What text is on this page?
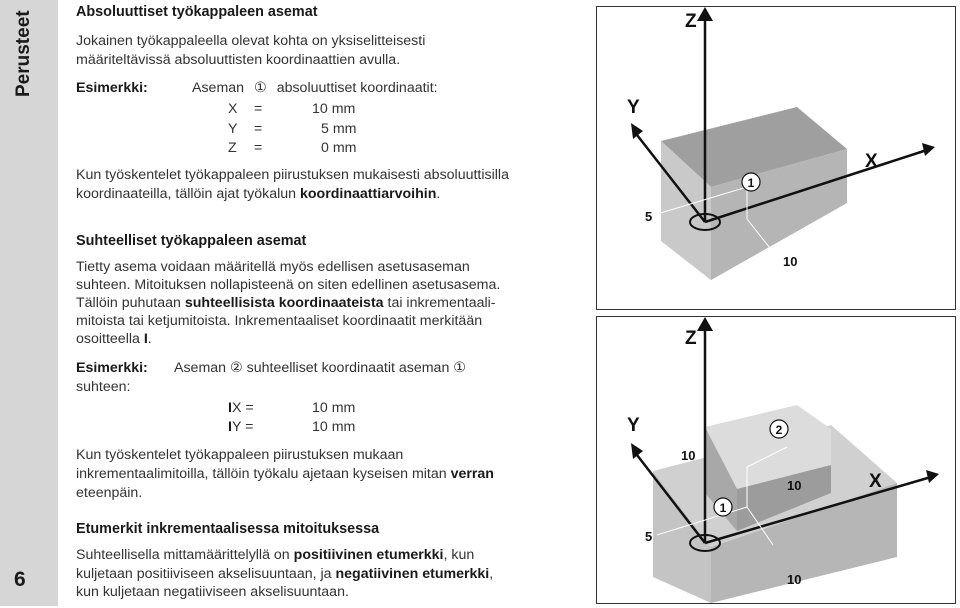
Perusteet
6
Absoluuttiset työkappaleen asemat
Jokainen työkappaleella olevat kohta on yksiselitteisesti
määriteltävissä absoluuttisten koordinaattien avulla.
Esimerkki:	Aseman ① absoluuttiset koordinaatit:
X =	10 mm
Y =	5 mm
Z =	0 mm
Kun työskentelet työkappaleen piirustuksen mukaisesti absoluuttisilla
koordinaateilla, tällöin ajat työkalun koordinaattiarvoihin.
Suhteelliset työkappaleen asemat
Tietty asema voidaan määritellä myös edellisen asetusaseman
suhteen. Mitoituksen nollapisteenä on siten edellinen asetusasema.
Tällöin puhutaan suhteellisista koordinaateista tai inkrementaali-
mitoista tai ketjumitoista. Inkrementaaliset koordinaatit merkitään
osoitteella I.
Esimerkki: Aseman ② suhteelliset koordinaatit aseman ①
suhteen:
IX =	10 mm
IY =	10 mm
Kun työskentelet työkappaleen piirustuksen mukaan
inkrementaalimitoilla, tällöin työkalu ajetaan kyseisen mitan verran
eteenpäin.
Etumerkit inkrementaalisessa mitoituksessa
Suhteellisella mittamäärittelyllä on positiivinen etumerkki, kun
kuljetaan positiiviseen akselisuuntaan, ja negatiivinen etumerkki,
kun kuljetaan negatiiviseen akselisuuntaan.
1
Z
Y
X
5
10
1
2
Z
Y
X
10
10
5
10
